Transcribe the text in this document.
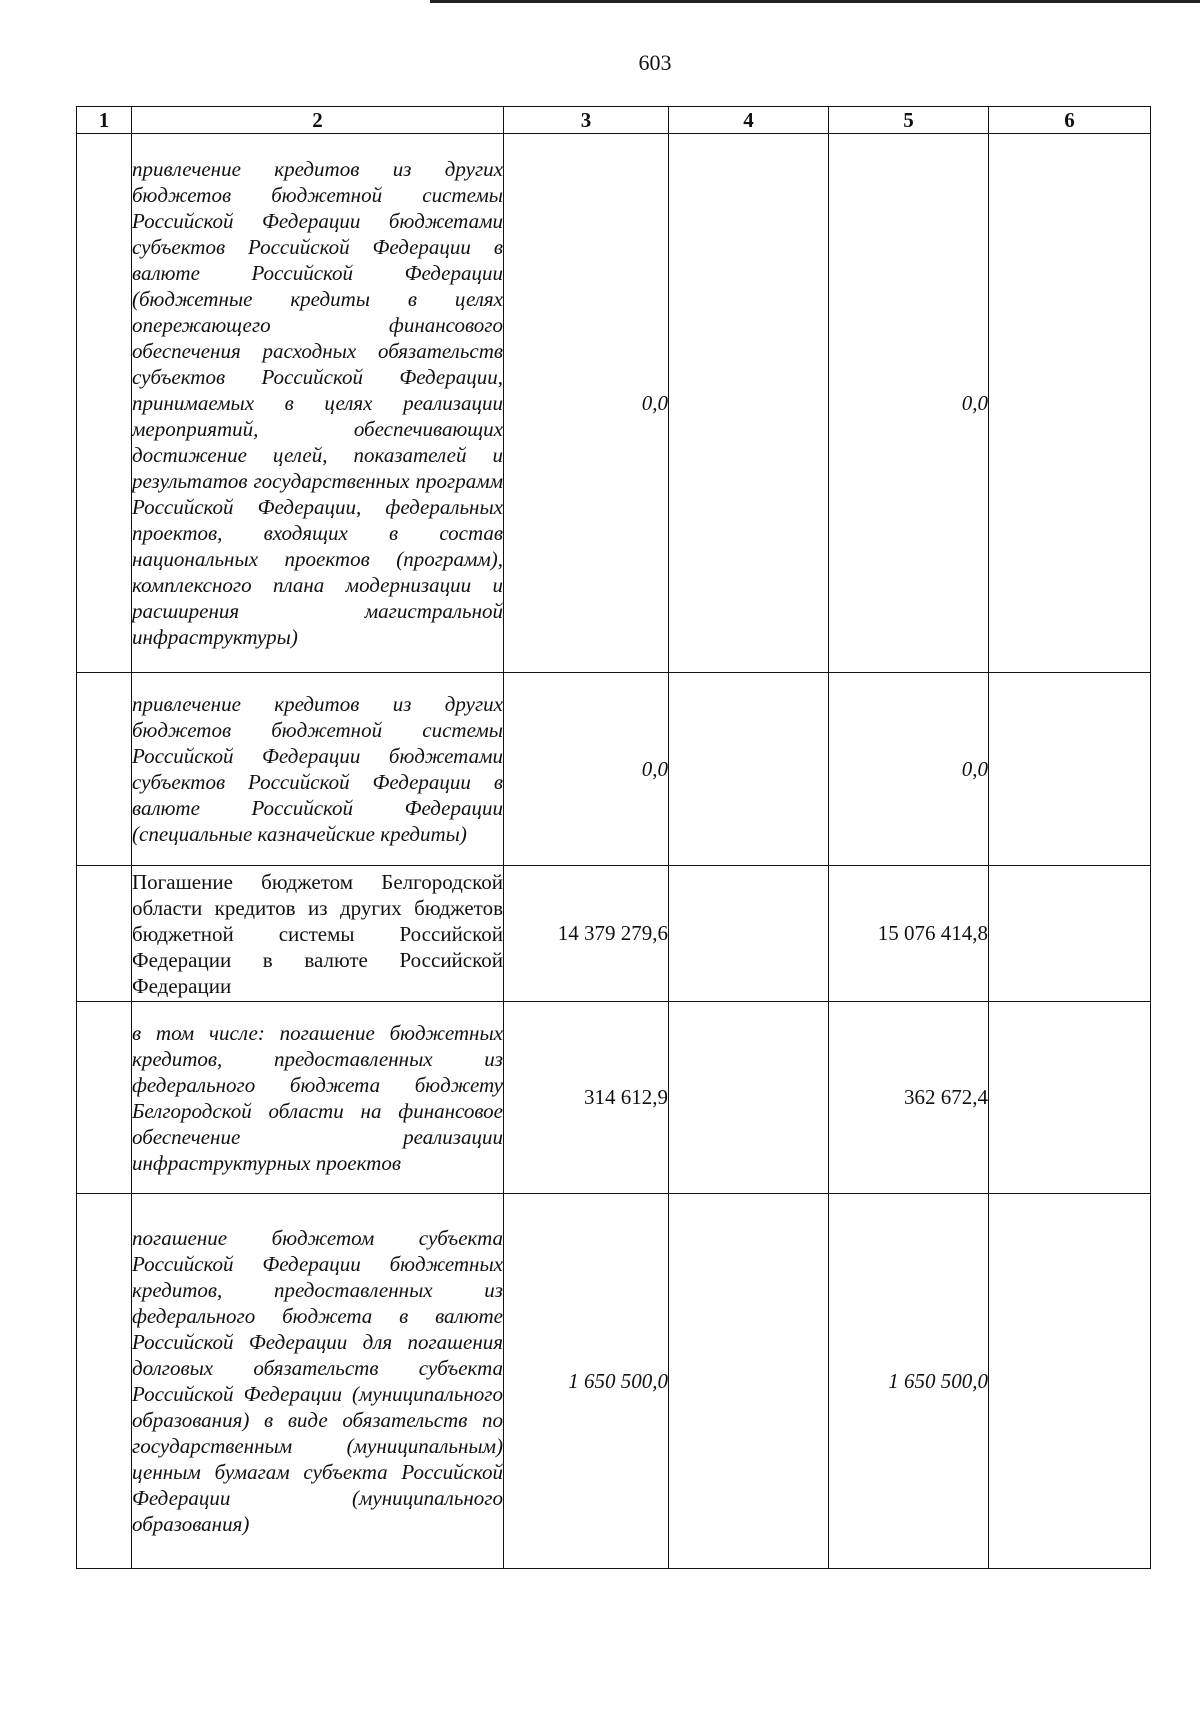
603
1	2	3	4	5	6
	привлечение кредитов из других бюджетов бюджетной системы Российской Федерации бюджетами субъектов Российской Федерации в валюте Российской Федерации (бюджетные кредиты в целях опережающего финансового обеспечения расходных обязательств субъектов Российской Федерации, принимаемых в целях реализации мероприятий, обеспечивающих достижение целей, показателей и результатов государственных программ Российской Федерации, федеральных проектов, входящих в состав национальных проектов (программ), комплексного плана модернизации и расширения магистральной инфраструктуры)	0,0		0,0	
	привлечение кредитов из других бюджетов бюджетной системы Российской Федерации бюджетами субъектов Российской Федерации в валюте Российской Федерации (специальные казначейские кредиты)	0,0		0,0	
	Погашение бюджетом Белгородской области кредитов из других бюджетов бюджетной системы Российской Федерации в валюте Российской Федерации	14 379 279,6		15 076 414,8	
	в том числе: погашение бюджетных кредитов, предоставленных из федерального бюджета бюджету Белгородской области на финансовое обеспечение реализации инфраструктурных проектов	314 612,9		362 672,4	
	погашение бюджетом субъекта Российской Федерации бюджетных кредитов, предоставленных из федерального бюджета в валюте Российской Федерации для погашения долговых обязательств субъекта Российской Федерации (муниципального образования) в виде обязательств по государственным (муниципальным) ценным бумагам субъекта Российской Федерации (муниципального образования)	1 650 500,0		1 650 500,0	
